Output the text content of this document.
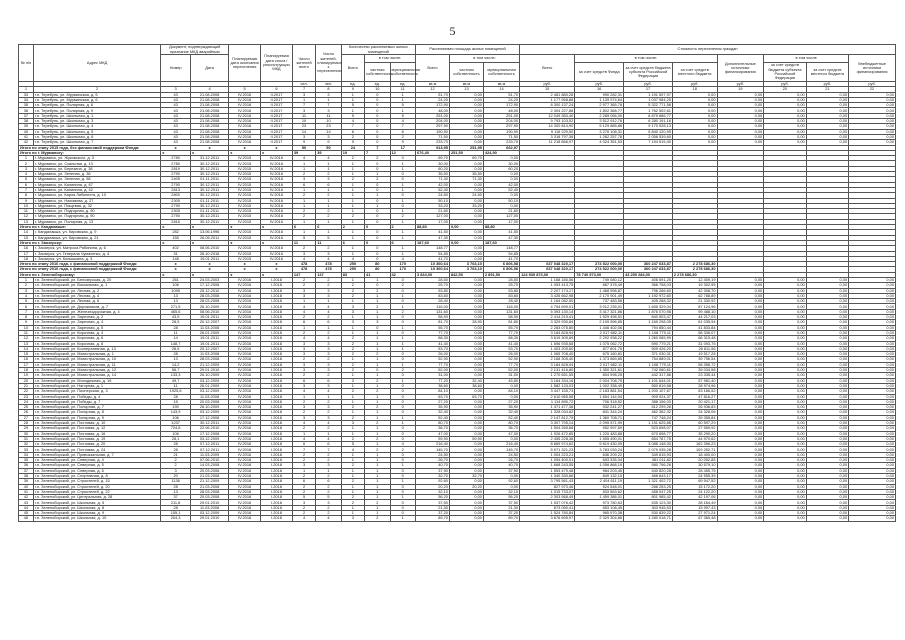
5
№ п/п	Адрес МКД	Документ, подтверждающий признание МКД аварийным		Планируемая дата окончания переселения	Планируемая дата сноса / реконструкции МКД	Число жителей всего	Число жителей, планируемых к переселению	Количество расселяемых жилых помещений			Расселяемая площадь жилых помещений			Стоимость переселения граждан							
		Номер	Дата					Всего	в том числе:		Всего	в том числе:		Всего	в том числе:			Дополнительные источники финансирования	в том числе		Внебюджетные источники финансирования
									частная собственность	муниципальная собственность		частная собственность	муниципальная собственность		за счет средств Фонда	за счет средств бюджета субъекта Российской Федерации	за счет средств местного бюджета		за счет средств бюджета субъекта Российской Федерации	за счет средств местного бюджета	
						чел.	чел.	ед.	ед.	ед.	кв.м	кв.м	кв.м	руб.	руб.	руб.	руб.	руб.	руб.	руб.	руб.
1	2	3	4	5	6	7	8	9	10	11	12	13	14	15	16	17	18	19	20	21	22
33	г.п. Теребунь, ул. Мурманская, д. 5	43	21.08.2008	IV.2016	II.2017	3	3	1	0	1	51,70	0,00	51,70	2 481 880,28	990 282,31	1 191 597,97	0,00	0,00	0,00	0,00	0,00
34	г.п. Теребунь, ул. Мурманская, д. 6	43	21.08.2008	IV.2016	II.2017	1	1	1	0	1	24,20	0,00	24,20	1 177 958,88	1 139 974,64	1 037 984,25	0,00	0,00	0,00	0,00	0,00
35	г.п. Теребунь, ул. Полярная, д. 6	43	21.08.2008	IV.2016	II.2017	7	7	5	0	5	172,90	0,00	172,90	8 300 137,24	2 977 365,78	5 322 771,56	0,00	0,00	0,00	0,00	0,00
36	г.п. Теребунь, ул. Полярная, д. 9	43	21.08.2008	IV.2016	II.2017	3	3	1	0	1	48,00	0,00	48,00	2 304 227,88	1 802 368,77	1 762 502,61	0,00	0,00	0,00	0,00	0,00
37	г.п. Теребунь, ул. Школьная, д. 1	43	21.08.2008	IV.2016	II.2017	11	11	5	0	5	251,00	0,00	251,00	12 049 353,40	2 289 056,00	8 879 886,77	0,00	0,00	0,00	0,00	0,00
38	г.п. Теребунь, ул. Школьная, д. 3	43	21.08.2008	IV.2016	II.2017	10	10	4	0	4	204,00	0,00	204,00	9 793 103,52	3 512 912,76	6 280 191,16	0,00	0,00	0,00	0,00	0,00
39	г.п. Теребунь, ул. Школьная, д. 4	43	21.08.2008	IV.2016	II.2017	23	23	7	0	7	297,90	0,00	297,90	14 300 814,90	5 129 885,86	9 170 928,13	0,00	0,00	0,00	0,00	0,00
40	г.п. Теребунь, ул. Школьная, д. 5	43	21.08.2008	IV.2016	II.2017	14	14	6	0	6	190,90	0,00	190,90	9 116 229,50	3 276 108,31	5 840 120,99	0,00	0,00	0,00	0,00	0,00
41	г.п. Теребунь, ул. Школьная, д. 6	43	21.08.2008	IV.2016	II.2017	3	3	2	0	2	71,50	0,00	71,50	3 318 797,36	1 262 257,78	2 056 539,60	0,00	0,00	0,00	0,00	0,00
42	г.п. Теребунь, ул. Школьная, д. 7	43	21.08.2008	IV.2016	II.2017	9	9	9	0	9	233,70	0,00	233,70	11 218 866,97	4 024 351,53	7 194 515,40	0,00	0,00	0,00	0,00	0,00
Итого по этапу 2015 года, без финансовой поддержки Фонда:		x	x	x	x	50	50	24	7	17	913,95	251,95	662,97								
Итого по г. Мурманску:		x	x	x	x	39	39	19	7	12	676,40	251,50	424,90								
1	г. Мурманск, ул. Жуковского, д. 3	2780	31.12.2011	IV.2015	IV.2016	4	4	2	2	0	69,70	69,70	0,00								
2	г. Мурманск, ул. Скальная, д. 13	2780	30.12.2011	IV.2015	IV.2016	1	1	1	0	1	30,00	0,00	30,00								
3	г. Мурманск, ул. Березина, д. 38	2819	30.12.2011	IV.2015	IV.2016	1	1	1	0	1	60,20	0,00	60,20								
4	г. Мурманск, ул. Зеленая, д. 36	2790	30.12.2011	IV.2015	IV.2016	2	2	1	1	0	35,50	35,50	0,00								
5	г. Мурманск, ул. Зеленая, д. 58	2405	01.11.2011	IV.2015	IV.2016	3	3	2	2	0	71,30	71,30	0,00								
6	г. Мурманск, ул. Калинина, д. 67	2790	30.12.2011	IV.2015	IV.2016	6	6	1	0	1	42,00	0,00	42,00								
7	г. Мурманск, ул. Калинина, д. 42	2813	30.12.2011	IV.2015	IV.2016	1	1	1	0	1	52,40	0,00	52,40								
8	г. Мурманск, ул. Карла Либкнехта, д. 10	2800	30.12.2011	IV.2015	IV.2016	2	2	1	1	0	24,50	24,50	0,00								
9	г. Мурманск, ул. Нахимова, д. 27	2305	01.11.2011	IV.2015	IV.2016	1	1	1	0	1	50,10	0,00	50,10								
10	г. Мурманск, ул. Пищевая, д. 32	2790	30.12.2011	IV.2015	IV.2016	1	1	1	1	0	33,20	33,20	0,00								
11	г. Мурманск, ул. Подгорная, д. 90	2305	01.11.2011	IV.2015	IV.2016	2	2	1	0	1	21,60	0,00	21,60								
12	г. Мурманск, ул. Подгорная, д. 90	2790	30.12.2011	IV.2015	IV.2016	2	2	2	0	2	127,00	0,00	127,00								
13	г. Мурманск, ул. Полярная, д. 13	2816	30.12.2011	IV.2015	IV.2016	1	1	1	0	1	17,00	0,00	17,00								
Итого по г. Кандалакше:		x	x	x	x	6	6	2	0	2	88,80	0,00	88,80								
14	г. Кандалакша, ул. Кировская, д. 9	282	13.06.1996	IV.2015	IV.2016	1	1	1	0	1	41,50	0,00	41,50								
15	г. Кандалакша, ул. Кировская, д. 21	155	26.05.2011	IV.2015	IV.2016	5	5	1	0	1	47,30	0,00	47,30								
Итого по г. Заозерску:		x	x	x	x	11	11	6	0	6	187,60	0,00	187,60								
16	г. Заозерск, ул. Матроса Рябинина, д. 6	402	08.06.2010	IV.2015	IV.2016	2	2	1	0	1	148,77	0,00	148,77								
17	г. Заозерск, ул. Генерала Чумаченко, д. 4	31	28.10.2016	IV.2015	IV.2016	3	3	1	0	1	54,85	0,00	54,85								
18	г. Заозерск, ул. Колышкина, д. 3	148	19.01.2011	IV.2015	IV.2016	4	4	4	0	4	41,70	0,00	41,70								
Итого по этапу 2016 года, с финансовой поддержкой Фонда:		x	x	x	x	478	478	250	80	170	10 360,64	3 763,10	6 806,58	637 048 320,17	274 522 000,00	360 247 633,87	2 278 686,30				
Итого по этапу 2016 года, с финансовой поддержкой Фонда:		x	x	x	x	478	478	250	80	170	10 360,64	3 763,10	6 806,58	637 048 320,17	274 522 000,00	360 247 633,87	2 278 686,30				
Итого по г. Зеленоборскому:		x	x	x	x	147	147	83	41	42	3 834,00	842,50	2 891,50	124 539 873,00	78 740 973,00	43 250 284,00	2 278 686,30				
1	г.п. Зеленоборский, ул. Белозерская, д. 20	261	24.03.2003	IV.2016	I.2018	2	2	1	1	0	28,50	0,00	28,50	1 168 180,56	749 080,12	406 691,25	12 409,19	0,00	0,00	0,00	0,00
2	г.п. Зеленоборский, ул. Вокзальная, д. 1	106	17.12.2008	IV.2016	I.2018	2	2	2	0	2	25,70	0,00	25,70	1 053 413,75	667 378,49	366 758,03	19 302,95	0,00	0,00	0,00	0,00
3	г.п. Зеленоборский, ул. Лесная, д. 2	1095	25.12.2010	IV.2016	I.2018	3	3	2	2	0	53,80	0,00	53,80	2 207 174,17	1 468 598,87	796 266,60	42 308,70	0,00	0,00	0,00	0,00
4	г.п. Зеленоборский, ул. Лесная, д. 4	13	28.03.2008	IV.2016	I.2018	3	3	2	1	1	83,60	0,00	83,60	3 426 662,98	2 170 901,49	1 192 972,60	62 788,89	0,00	0,00	0,00	0,00
5	г.п. Зеленоборский, ул. Лесная, д. 6	13	28.03.2008	IV.2016	I.2018	1	1	1	1	0	28,40	0,00	28,40	1 164 082,50	737 483,56	405 268,32	21 330,92	0,00	0,00	0,00	0,00
6	г.п. Зеленоборский, ул. Дорожников, д. 7	271,5	26.10.2009	IV.2016	I.2018	4	4	3	2	1	116,00	0,00	116,00	4 754 699,01	3 012 235,01	1 655 329,04	87 124,96	0,00	0,00	0,00	0,00
7	г.п. Зеленоборский, ул. Железнодорожная, д. 4	465,6	08.06.2010	IV.2016	I.2018	4	4	3	1	2	131,60	0,00	131,60	5 393 130,14	3 417 321,86	1 876 070,98	99 488,10	0,00	0,00	0,00	0,00
8	г.п. Зеленоборский, ул. Заречная, д. 2	43,5	19.01.2011	IV.2016	I.2018	2	2	1	1	0	58,90	0,00	58,90	2 414 219,41	1 529 498,51	840 503,47	44 217,03	0,00	0,00	0,00	0,00
9	г.п. Зеленоборский, ул. Заречная, д. 4	28,5	20.12.2007	IV.2016	I.2018	6	6	3	3	0	81,70	28,90	81,80	3 329 930,84	2 109 596,85	1 169 298,05	61 035,94	0,00	0,00	0,00	0,00
10	г.п. Зеленоборский, ул. Заречная, д. 5	28	11.03.2008	IV.2016	I.2018	1	1	1	0	1	55,70	0,00	55,70	2 283 075,80	1 446 402,06	794 850,44	41 833,84	0,00	0,00	0,00	0,00
11	г.п. Зеленоборский, ул. Кирочная, д. 4	11	26.01.2009	IV.2016	I.2018	2	2	1	1	0	77,70	0,00	77,70	3 184 828,94	2 017 682,11	1 108 779,11	58 336,07	0,00	0,00	0,00	0,00
12	г.п. Зеленоборский, ул. Кирочная, д. 6	14	19.01.2011	IV.2016	I.2018	4	4	2	1	1	88,30	0,00	88,30	3 619 309,69	2 292 938,22	1 260 065,99	66 315,48	0,00	0,00	0,00	0,00
13	г.п. Зеленоборский, ул. Кирочная, д. 8	148,7	19.01.2011	IV.2016	I.2018	3	3	2	1	1	41,40	0,00	41,40	1 696 935,68	1 075 062,72	590 779,21	31 093,75	0,00	0,00	0,00	0,00
14	г.п. Зеленоборский, ул. Кооперативная, д. 13	28,5	20.12.2007	IV.2016	I.2018	3	3	2	1	1	53,70	0,00	53,70	1 403 209,60	877 601,75	509 426,20	26 811,56	0,00	0,00	0,00	0,00
15	г.п. Зеленоборский, ул. Магистральная, д. 1	28	11.03.2008	IV.2016	I.2018	3	3	2	2	0	26,00	0,00	26,00	1 065 708,40	675 160,81	371 030,31	19 517,28	0,00	0,00	0,00	0,00
16	г.п. Зеленоборский, ул. Магистральная, д. 10	13	28.03.2008	IV.2016	I.2018	2	2	1	1	0	52,90	0,00	52,90	2 168 305,40	1 373 669,85	754 889,01	39 756,54	0,00	0,00	0,00	0,00
17	г.п. Зеленоборский, ул. Магистральная, д. 11	14,2	21.12.2009	IV.2016	I.2018	3	3	2	1	1	77,70	0,00	77,70	3 184 828,94	2 017 682,11	1 108 779,11	58 356,72	0,00	0,00	0,00	0,00
18	г.п. Зеленоборский, ул. Магистральная, д. 12	56,7	29.01.2010	IV.2016	I.2018	3	3	2	0	2	52,00	0,00	52,00	2 131 416,80	1 350 321,61	742 060,61	39 034,58	0,00	0,00	0,00	0,00
19	г.п. Зеленоборский, ул. Магистральная, д. 14	133,3	26.10.2009	IV.2016	I.2018	2	2	1	1	0	31,00	0,00	31,00	1 270 651,55	804 998,25	442 317,86	23 335,44	0,00	0,00	0,00	0,00
20	г.п. Зеленоборский, ул. Молодежная, д. 16	49,7	03.12.2009	IV.2016	I.2018	6	6	3	2	1	77,20	32,40	45,80	3 164 334,16	2 004 708,75	1 101 644,01	57 981,40	0,00	0,00	0,00	0,00
21	г.п. Зеленоборский, ул. Нагорная, д. 1	11	26.01.2009	IV.2016	I.2018	3	3	1	1	0	38,60	38,60	0,00	1 582 133,03	1 002 338,49	550 819,58	28 974,96	0,00	0,00	0,00	0,00
22	г.п. Зеленоборский, ул. Пионерская, д. 3	1925,6	03.12.2009	IV.2016	I.2018	4	4	2	2	0	84,10	0,00	84,10	3 447 155,73	2 183 881,54	1 200 107,67	63 166,52	0,00	0,00	0,00	0,00
23	г.п. Зеленоборский, ул. Победы, д. 4	28	11.03.2008	IV.2016	I.2018	1	1	1	1	0	63,70	63,70	0,00	2 610 985,58	1 654 144,94	909 024,37	47 816,27	0,00	0,00	0,00	0,00
24	г.п. Зеленоборский, ул. Победы, д. 7	15	20.03.2008	IV.2016	I.2018	2	2	1	1	0	27,20	0,00	27,20	1 114 895,72	706 318,52	388 156,03	20 421,17	0,00	0,00	0,00	0,00
25	г.п. Зеленоборский, ул. Полярная, д. 7	190	26.10.2009	IV.2016	I.2018	3	3	2	2	0	35,90	0,00	35,90	1 471 477,36	932 241,27	512 299,26	26 936,83	0,00	0,00	0,00	0,00
26	г.п. Зеленоборский, ул. Полярная, д. 8	143,9	03.12.2009	IV.2016	I.2018	2	2	1	1	0	32,40	0,00	32,40	1 328 034,62	841 344,24	462 362,32	24 328,06	0,00	0,00	0,00	0,00
27	г.п. Зеленоборский, ул. Полярная, д. 9	106	17.12.2008	IV.2016	I.2018	3	3	2	1	1	52,40	0,00	52,40	2 147 812,79	1 360 708,71	747 748,24	39 355,84	0,00	0,00	0,00	0,00
28	г.п. Зеленоборский, ул. Почтовая, д. 10	1237	30.12.2011	IV.2016	I.2018	4	4	3	2	1	80,70	0,00	80,70	3 307 795,14	2 095 571,99	1 151 625,86	60 597,29	0,00	0,00	0,00	0,00
29	г.п. Зеленоборский, ул. Почтовая, д. 12	724,6	22.06.2010	IV.2016	I.2018	2	2	1	1	0	36,70	0,00	36,70	1 504 265,68	952 997,69	523 698,07	27 569,92	0,00	0,00	0,00	0,00
30	г.п. Зеленоборский, ул. Почтовая, д. 16	106	17.12.2008	IV.2016	I.2018	1	1	1	1	0	47,00	0,00	47,00	1 926 472,85	1 220 483,88	670 698,77	35 290,20	0,00	0,00	0,00	0,00
31	г.п. Зеленоборский, ул. Почтовая, д. 19	28,1	03.12.2009	IV.2016	I.2018	4	4	2	2	0	59,90	59,90	0,00	2 455 228,38	1 555 490,01	854 767,75	44 970,62	0,00	0,00	0,00	0,00
32	г.п. Зеленоборский, ул. Почтовая, д. 20	28	07.12.2011	IV.2016	I.2018	6	6	5	1	4	216,40	0,00	216,40	8 869 974,62	5 619 430,09	3 088 148,30	162 396,23	0,00	0,00	0,00	0,00
33	г.п. Зеленоборский, ул. Почтовая, д. 24	28	07.12.2011	IV.2016	I.2018	7	7	4	2	2	145,70	0,00	145,70	5 971 321,23	3 783 033,24	2 079 035,28	109 252,71	0,00	0,00	0,00	0,00
34	г.п. Зеленоборский, ул. Привокзальная, д. 7	21	11.03.2009	IV.2016	I.2018	2	2	1	1	0	24,50	0,00	24,50	1 004 223,21	636 209,22	349 615,93	18 400,00	0,00	0,00	0,00	0,00
35	г.п. Зеленоборский, ул. Северная, д. 4	2	07.06.2010	IV.2016	I.2018	2	2	1	1	0	26,70	0,00	26,70	1 094 400,01	693 335,34	381 011,82	20 052,85	0,00	0,00	0,00	0,00
36	г.п. Зеленоборский, ул. Северная, д. 5	2	14.03.2008	IV.2016	I.2018	3	3	2	1	1	40,70	0,00	40,70	1 668 243,55	1 056 868,19	580 796,26	30 579,10	0,00	0,00	0,00	0,00
37	г.п. Зеленоборский, ул. Северная, д. 6	3	20.03.2008	IV.2016	I.2018	1	1	1	1	0	37,90	0,00	37,90	1 553 479,48	984 203,45	540 820,28	28 455,75	0,00	0,00	0,00	0,00
38	г.п. Зеленоборский, ул. Спортивная, д. 8	20	21.03.2008	IV.2016	I.2018	2	2	1	1	0	32,70	32,70	0,00	1 340 330,66	849 132,10	466 643,17	24 555,39	0,00	0,00	0,00	0,00
39	г.п. Зеленоборский, ул. Строителей, д. 15	1136	21.12.2009	IV.2016	I.2018	6	6	2	1	1	92,60	0,00	92,60	3 795 561,43	2 404 611,19	1 321 402,72	69 547,52	0,00	0,00	0,00	0,00
40	г.п. Зеленоборский, ул. Строителей, д. 20	28	21.03.2008	IV.2016	I.2018	2	2	1	1	0	20,20	20,20	0,00	827 973,46	524 548,01	288 253,25	15 172,20	0,00	0,00	0,00	0,00
41	г.п. Зеленоборский, ул. Строителей, д. 22	13	28.03.2008	IV.2016	I.2018	2	2	1	1	0	32,10	0,00	32,10	1 315 733,07	833 563,62	458 047,25	24 122,20	0,00	0,00	0,00	0,00
42	г.п. Зеленоборский, ул. Центральная, д. 28	37	20.03.2008	IV.2016	I.2018	5	5	2	1	1	56,20	0,00	56,20	2 303 568,49	1 459 386,01	801 985,42	42 197,06	0,00	0,00	0,00	0,00
43	г.п. Зеленоборский, ул. Школьная, д. 5	211,8	29.01.2010	IV.2016	I.2018	3	3	2	2	0	37,50	0,00	37,50	1 537 076,42	973 780,63	535 123,30	28 164,49	0,00	0,00	0,00	0,00
44	г.п. Зеленоборский, ул. Школьная, д. 8	28	11.03.2008	IV.2016	I.2018	2	2	1	1	0	21,30	0,00	21,30	873 059,41	553 108,45	303 945,53	15 997,43	0,00	0,00	0,00	0,00
45	г.п. Зеленоборский, ул. Школьная, д. 9	155,1	03.12.2009	IV.2016	I.2018	2	2	1	1	0	37,20	0,00	37,20	1 524 780,84	965 970,38	530 839,22	27 971,24	0,00	0,00	0,00	0,00
46	г.п. Зеленоборский, ул. Школьная, д. 10	204,3	29.01.2010	IV.2016	I.2018	4	4	3	2	1	89,70	0,00	89,70	3 676 695,97	2 329 304,88	1 280 018,71	67 365,48	0,00	0,00	0,00	0,00
